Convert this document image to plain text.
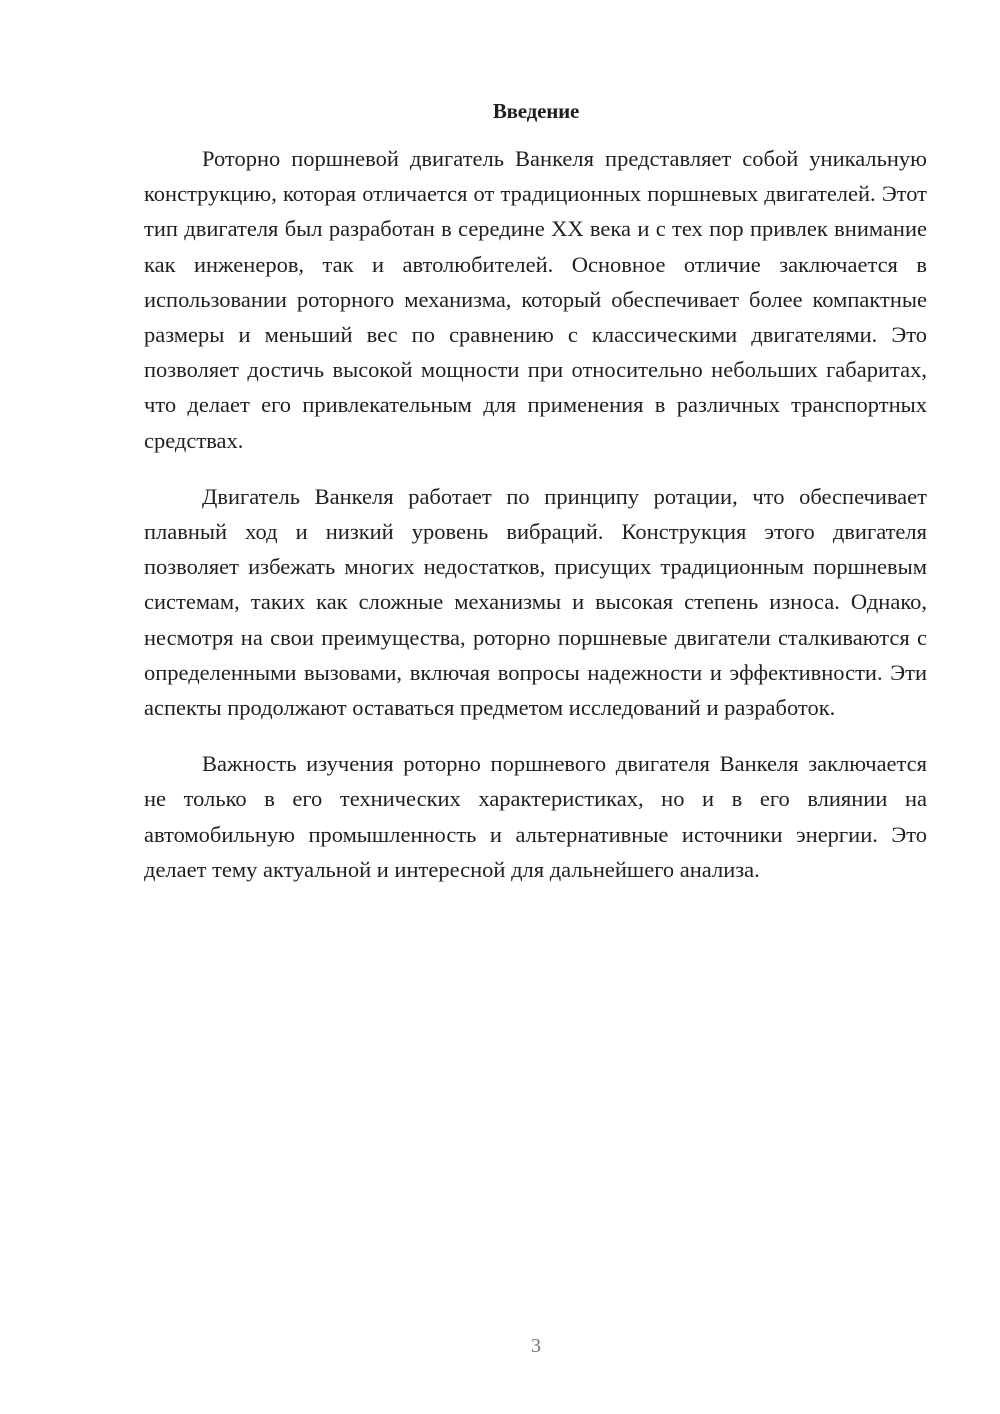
Введение

Роторно поршневой двигатель Ванкеля представляет собой уникальную конструкцию, которая отличается от традиционных поршневых двигателей. Этот тип двигателя был разработан в середине XX века и с тех пор привлек внимание как инженеров, так и автолюбителей. Основное отличие заключается в использовании роторного механизма, который обеспечивает более компактные размеры и меньший вес по сравнению с классическими двигателями. Это позволяет достичь высокой мощности при относительно небольших габаритах, что делает его привлекательным для применения в различных транспортных средствах.

Двигатель Ванкеля работает по принципу ротации, что обеспечивает плавный ход и низкий уровень вибраций. Конструкция этого двигателя позволяет избежать многих недостатков, присущих традиционным поршневым системам, таких как сложные механизмы и высокая степень износа. Однако, несмотря на свои преимущества, роторно поршневые двигатели сталкиваются с определенными вызовами, включая вопросы надежности и эффективности. Эти аспекты продолжают оставаться предметом исследований и разработок.

Важность изучения роторно поршневого двигателя Ванкеля заключается не только в его технических характеристиках, но и в его влиянии на автомобильную промышленность и альтернативные источники энергии. Это делает тему актуальной и интересной для дальнейшего анализа.

3
